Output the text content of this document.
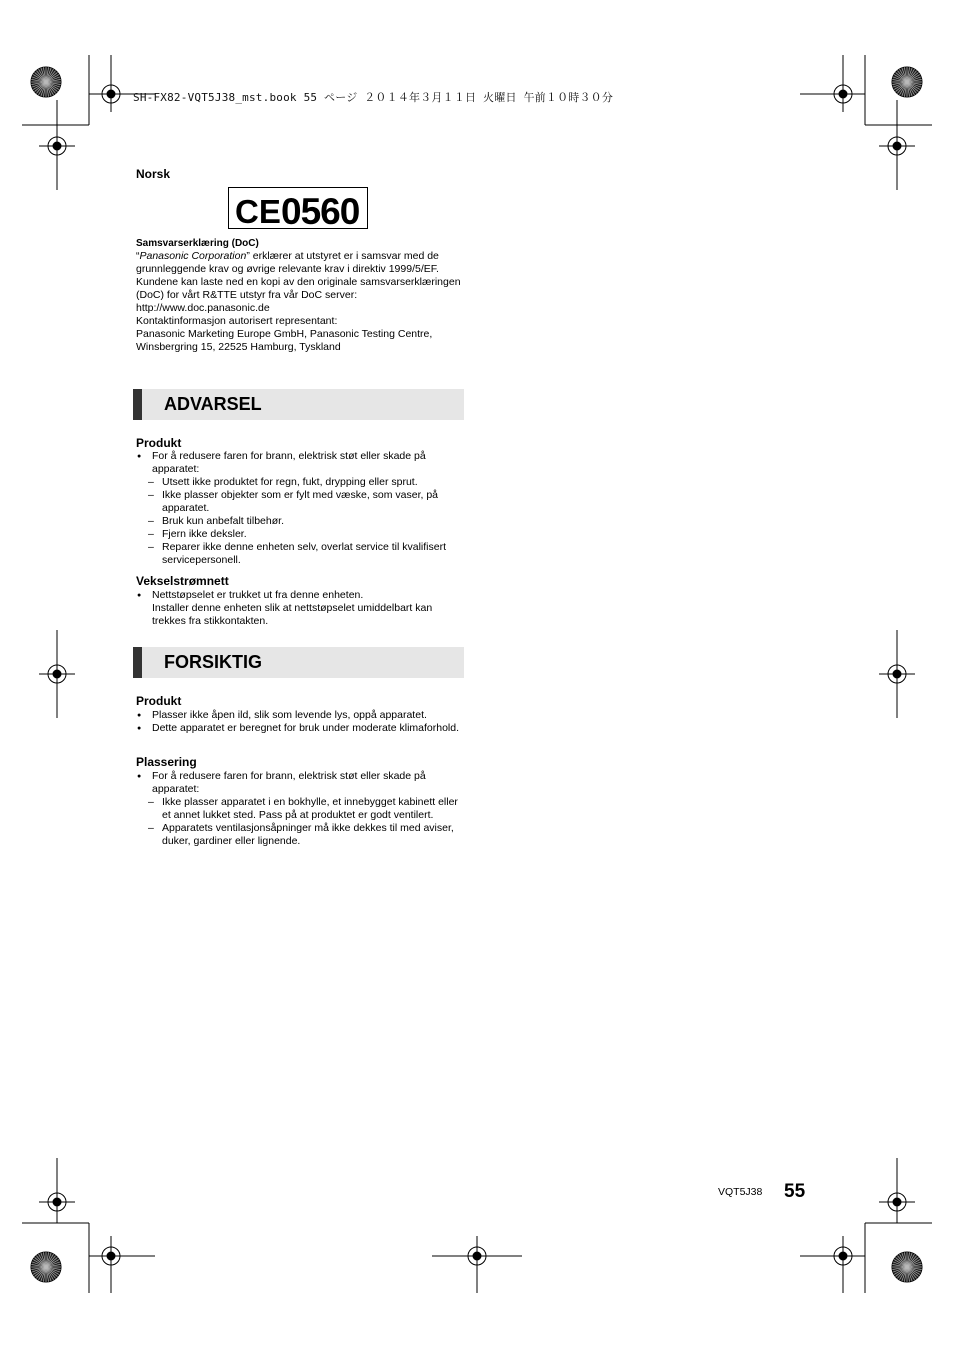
SH-FX82-VQT5J38_mst.book 55 ページ ２０１４年３月１１日 火曜日 午前１０時３０分
Norsk
CE 0560
Samsvarserklæring (DoC)
“Panasonic Corporation” erklærer at utstyret er i samsvar med de grunnleggende krav og øvrige relevante krav i direktiv 1999/5/EF.
Kundene kan laste ned en kopi av den originale samsvarserklæringen (DoC) for vårt R&TTE utstyr fra vår DoC server:
http://www.doc.panasonic.de
Kontaktinformasjon autorisert representant:
Panasonic Marketing Europe GmbH, Panasonic Testing Centre,
Winsbergring 15, 22525 Hamburg, Tyskland
ADVARSEL
Produkt
● For å redusere faren for brann, elektrisk støt eller skade på apparatet:
– Utsett ikke produktet for regn, fukt, drypping eller sprut.
– Ikke plasser objekter som er fylt med væske, som vaser, på apparatet.
– Bruk kun anbefalt tilbehør.
– Fjern ikke deksler.
– Reparer ikke denne enheten selv, overlat service til kvalifisert servicepersonell.
Vekselstrømnett
● Nettstøpselet er trukket ut fra denne enheten.
Installer denne enheten slik at nettstøpselet umiddelbart kan trekkes fra stikkontakten.
FORSIKTIG
Produkt
● Plasser ikke åpen ild, slik som levende lys, oppå apparatet.
● Dette apparatet er beregnet for bruk under moderate klimaforhold.
Plassering
● For å redusere faren for brann, elektrisk støt eller skade på apparatet:
– Ikke plasser apparatet i en bokhylle, et innebygget kabinett eller et annet lukket sted. Pass på at produktet er godt ventilert.
– Apparatets ventilasjonsåpninger må ikke dekkes til med aviser, duker, gardiner eller lignende.
VQT5J38 55
